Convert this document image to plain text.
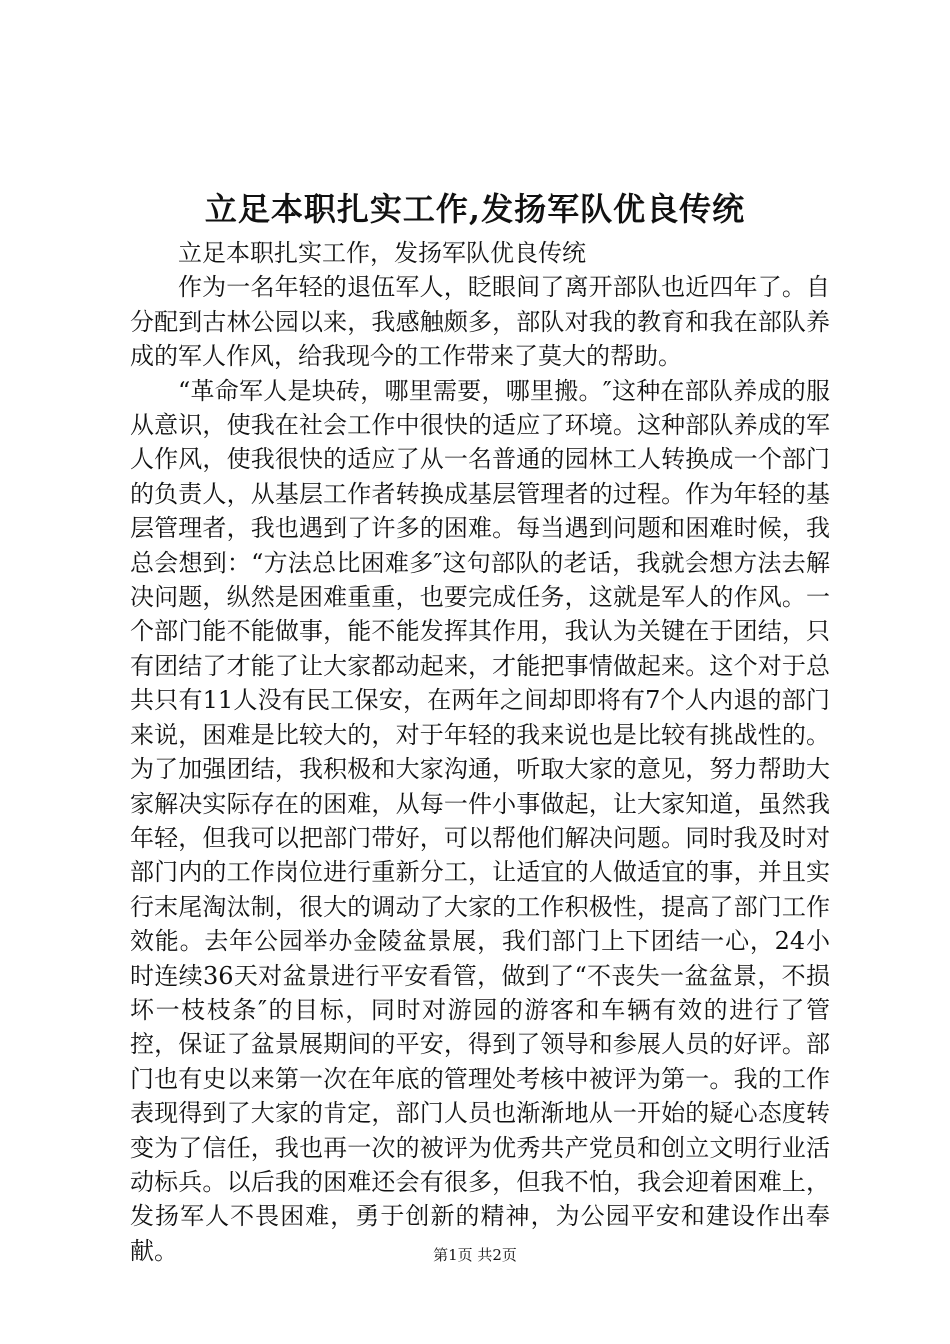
立足本职扎实工作,发扬军队优良传统

立足本职扎实工作，发扬军队优良传统

作为一名年轻的退伍军人，眨眼间了离开部队也近四年了。自分配到古林公园以来，我感触颇多，部队对我的教育和我在部队养成的军人作风，给我现今的工作带来了莫大的帮助。

“革命军人是块砖，哪里需要，哪里搬。″这种在部队养成的服从意识，使我在社会工作中很快的适应了环境。这种部队养成的军人作风，使我很快的适应了从一名普通的园林工人转换成一个部门的负责人，从基层工作者转换成基层管理者的过程。作为年轻的基层管理者，我也遇到了许多的困难。每当遇到问题和困难时候，我总会想到：“方法总比困难多″这句部队的老话，我就会想方法去解决问题，纵然是困难重重，也要完成任务，这就是军人的作风。一个部门能不能做事，能不能发挥其作用，我认为关键在于团结，只有团结了才能了让大家都动起来，才能把事情做起来。这个对于总共只有11人没有民工保安，在两年之间却即将有7个人内退的部门来说，困难是比较大的，对于年轻的我来说也是比较有挑战性的。为了加强团结，我积极和大家沟通，听取大家的意见，努力帮助大家解决实际存在的困难，从每一件小事做起，让大家知道，虽然我年轻，但我可以把部门带好，可以帮他们解决问题。同时我及时对部门内的工作岗位进行重新分工，让适宜的人做适宜的事，并且实行末尾淘汰制，很大的调动了大家的工作积极性，提高了部门工作效能。去年公园举办金陵盆景展，我们部门上下团结一心，24小时连续36天对盆景进行平安看管，做到了“不丧失一盆盆景，不损坏一枝枝条″的目标，同时对游园的游客和车辆有效的进行了管控，保证了盆景展期间的平安，得到了领导和参展人员的好评。部门也有史以来第一次在年底的管理处考核中被评为第一。我的工作表现得到了大家的肯定，部门人员也渐渐地从一开始的疑心态度转变为了信任，我也再一次的被评为优秀共产党员和创立文明行业活动标兵。以后我的困难还会有很多，但我不怕，我会迎着困难上，发扬军人不畏困难，勇于创新的精神，为公园平安和建设作出奉献。	第1页 共2页
